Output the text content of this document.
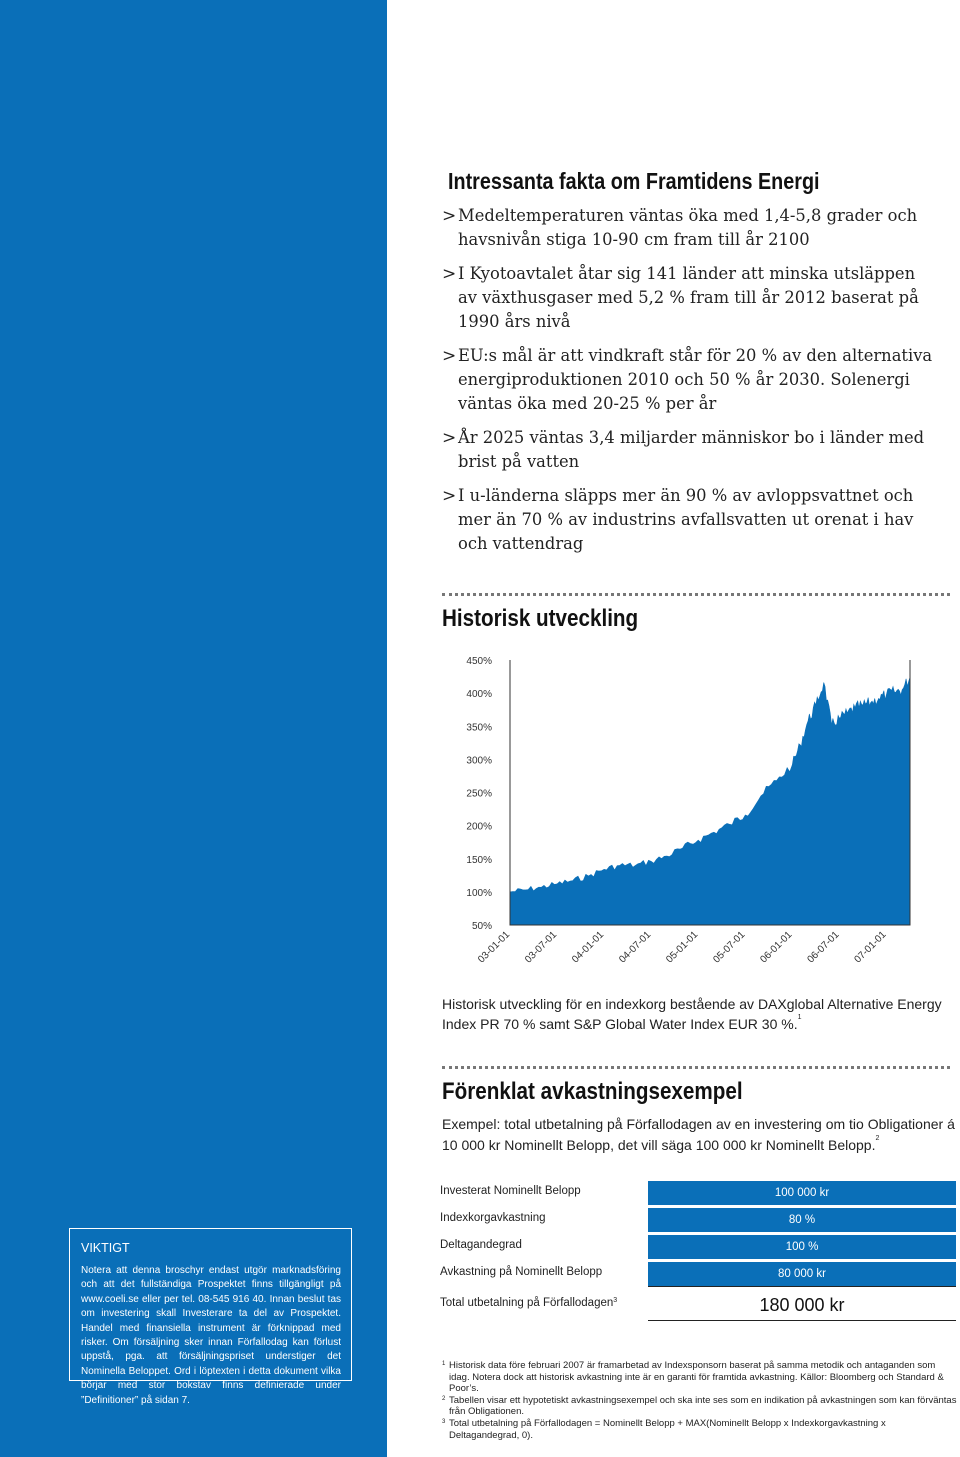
Intressanta fakta om Framtidens Energi
> Medeltemperaturen väntas öka med 1,4-5,8 grader och havsnivån stiga 10-90 cm fram till år 2100
> I Kyotoavtalet åtar sig 141 länder att minska utsläppen av växthusgaser med 5,2 % fram till år 2012 baserat på 1990 års nivå
> EU:s mål är att vindkraft står för 20 % av den alternativa energiproduktionen 2010 och 50 % år 2030. Solenergi väntas öka med 20-25 % per år
> År 2025 väntas 3,4 miljarder människor bo i länder med brist på vatten
> I u-länderna släpps mer än 90 % av avloppsvattnet och mer än 70 % av industrins avfallsvatten ut orenat i hav och vattendrag
Historisk utveckling
50%
100%
150%
200%
250%
300%
350%
400%
450%
03-01-01 03-07-01 04-01-01 04-07-01 05-01-01 05-07-01 06-01-01 06-07-01 07-01-01
Historisk utveckling för en indexkorg bestående av DAXglobal Alternative Energy Index PR 70 % samt S&P Global Water Index EUR 30 %.$^1$
Förenklat avkastningsexempel
Exempel: total utbetalning på Förfallodagen av en investering om tio Obligationer á 10 000 kr Nominellt Belopp, det vill säga 100 000 kr Nominellt Belopp.$^2$
Investerat Nominellt Belopp	100 000 kr
Indexkorgavkastning	80 %
Deltagandegrad	100 %
Avkastning på Nominellt Belopp	80 000 kr
Total utbetalning på Förfallodagen$^3$	180 000 kr
VIKTIGT
Notera att denna broschyr endast utgör marknadsföring och att det fullständiga Prospektet finns tillgängligt på www.coeli.se eller per tel. 08-545 916 40. Innan beslut tas om investering skall Investerare ta del av Prospektet. Handel med finansiella instrument är förknippad med risker. Om försäljning sker innan Förfallodag kan förlust uppstå, pga. att försäljningspriset understiger det Nominella Beloppet. Ord i löptexten i detta dokument vilka börjar med stor bokstav finns definierade under ”Definitioner” på sidan 7.
1 Historisk data före februari 2007 är framarbetad av Indexsponsorn baserat på samma metodik och antaganden som idag. Notera dock att historisk avkastning inte är en garanti för framtida avkastning. Källor: Bloomberg och Standard & Poor’s.
2 Tabellen visar ett hypotetiskt avkastningsexempel och ska inte ses som en indikation på avkastningen som kan förväntas från Obligationen.
3 Total utbetalning på Förfallodagen = Nominellt Belopp + MAX(Nominellt Belopp x Indexkorgavkastning x Deltagandegrad, 0).
